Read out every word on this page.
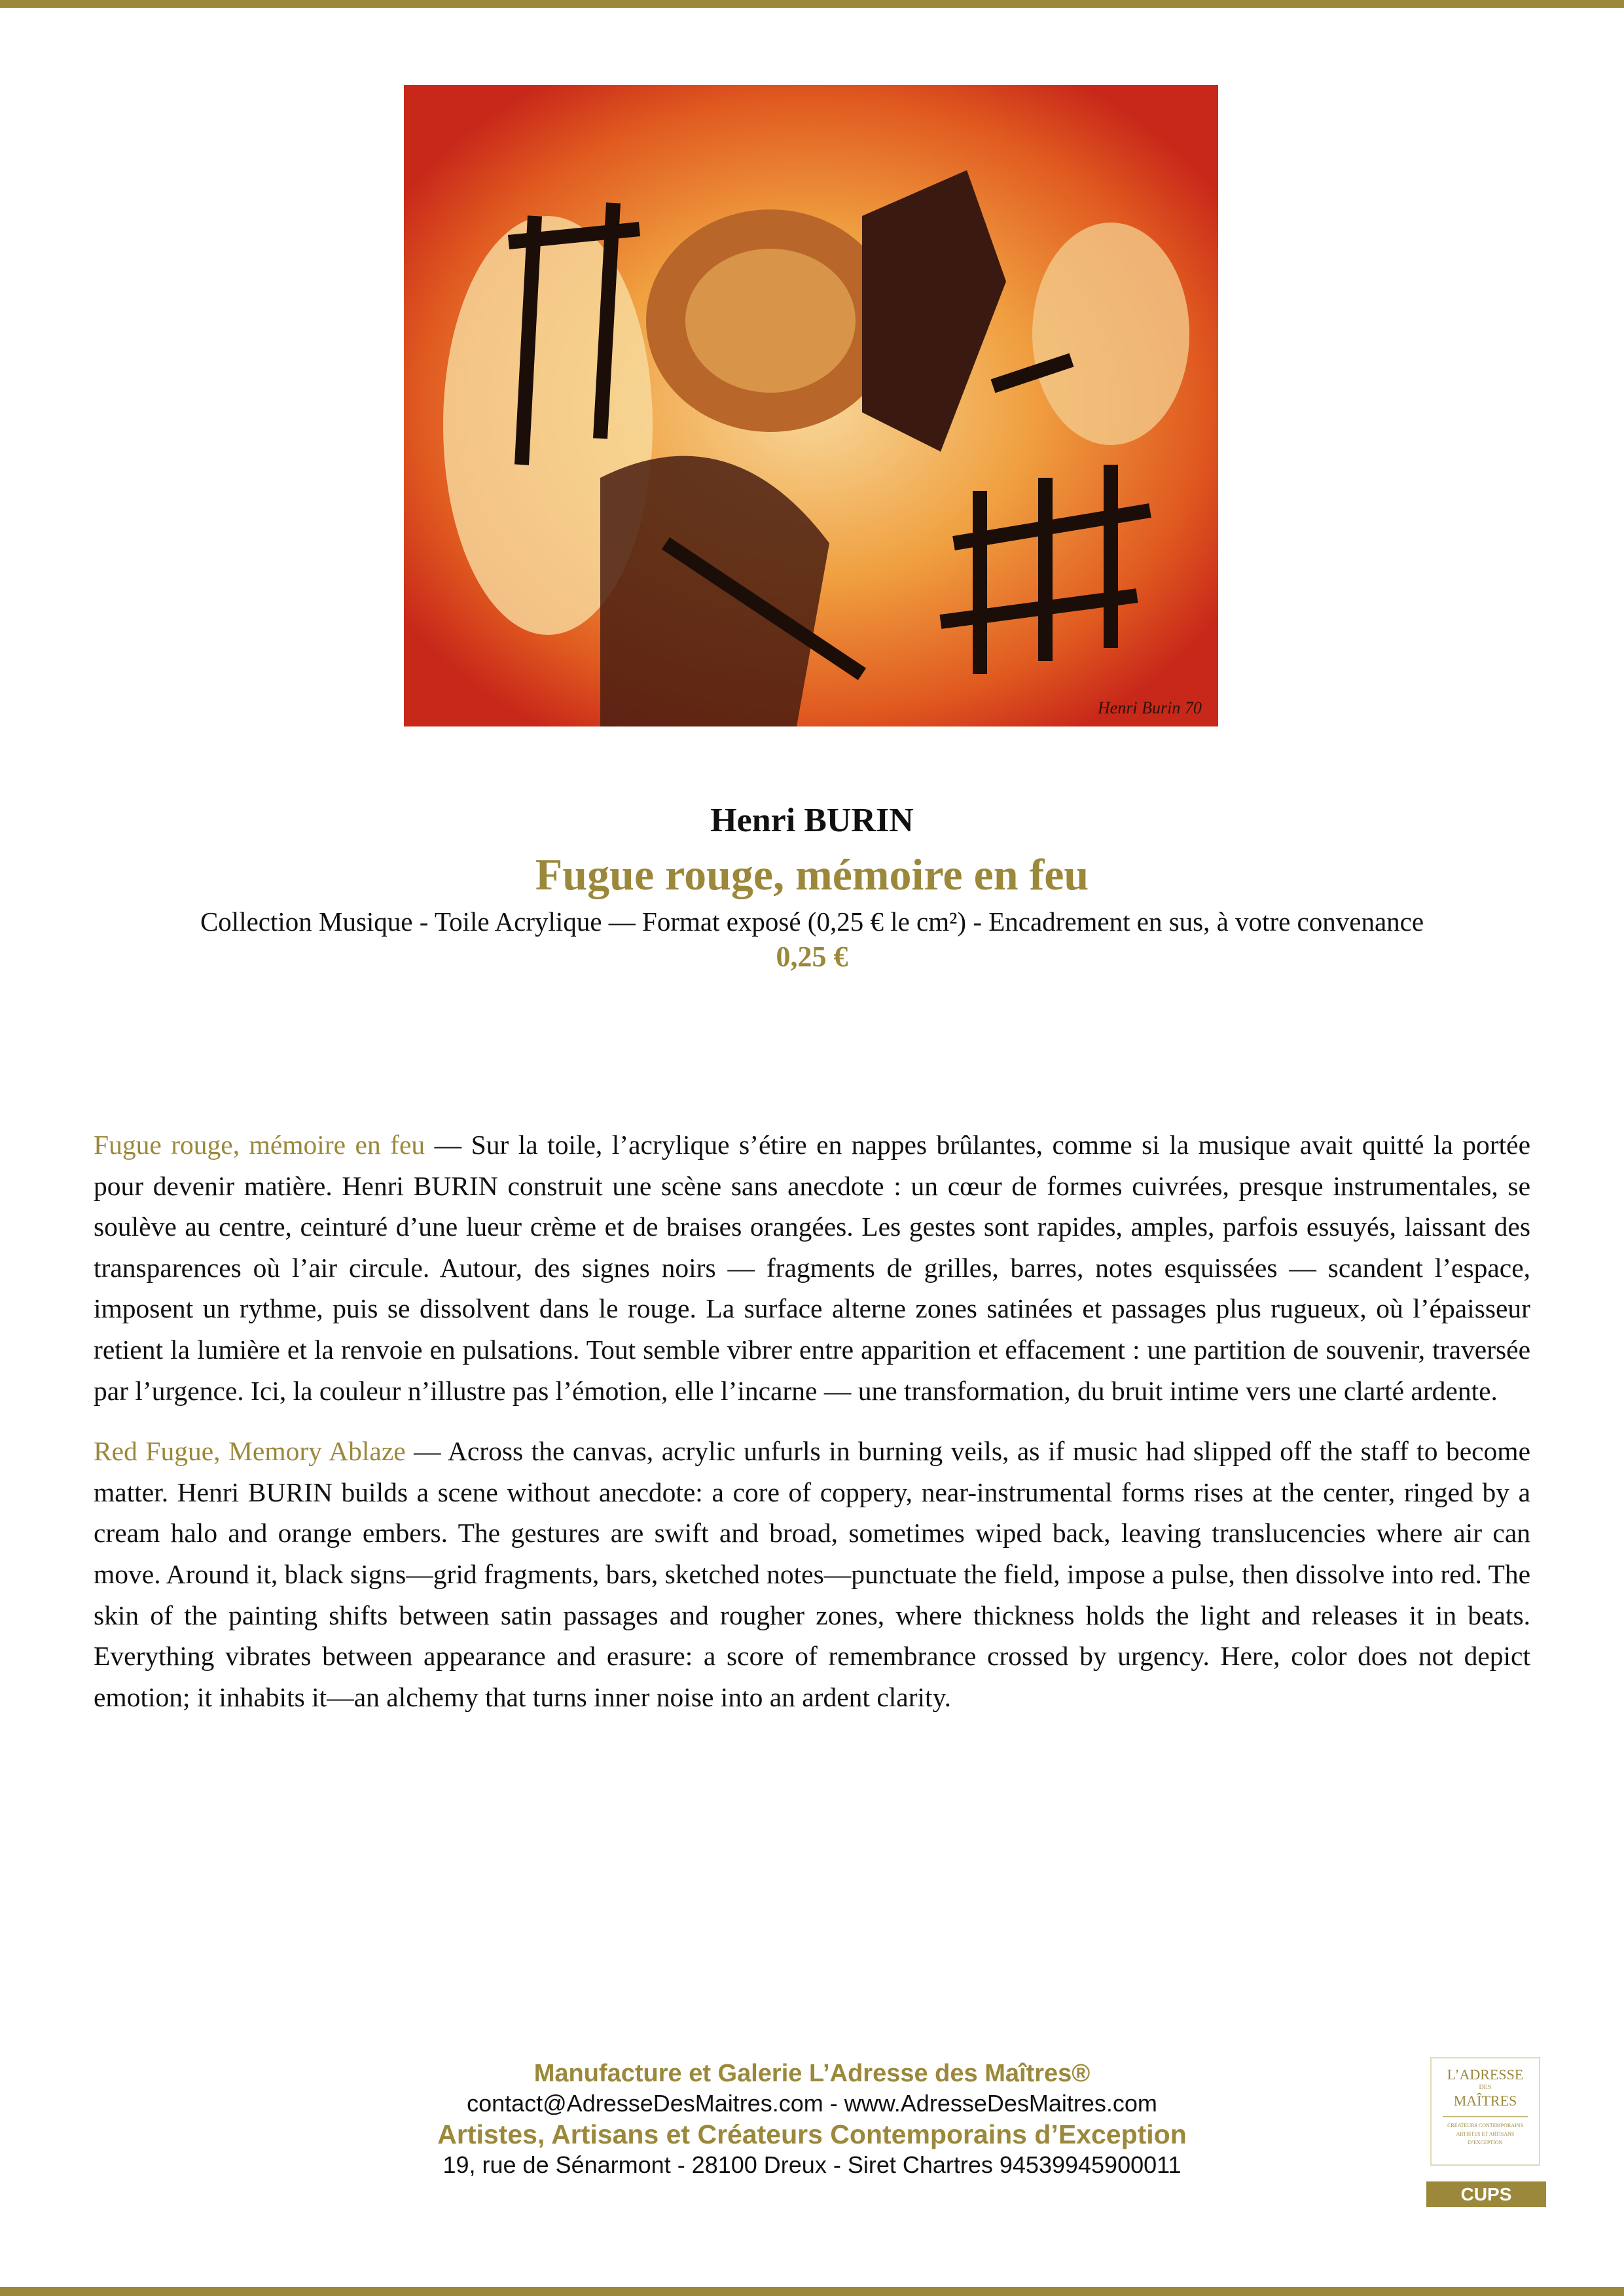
Henri Burin 70
Henri BURIN
Fugue rouge, mémoire en feu
Collection Musique - Toile Acrylique — Format exposé (0,25 € le cm²) - Encadrement en sus, à votre convenance
0,25 €

Fugue rouge, mémoire en feu — Sur la toile, l’acrylique s’étire en nappes brûlantes, comme si la musique avait quitté la portée pour devenir matière. Henri BURIN construit une scène sans anecdote : un cœur de formes cuivrées, presque instrumentales, se soulève au centre, ceinturé d’une lueur crème et de braises orangées. Les gestes sont rapides, amples, parfois essuyés, laissant des transparences où l’air circule. Autour, des signes noirs — fragments de grilles, barres, notes esquissées — scandent l’espace, imposent un rythme, puis se dissolvent dans le rouge. La surface alterne zones satinées et passages plus rugueux, où l’épaisseur retient la lumière et la renvoie en pulsations. Tout semble vibrer entre apparition et effacement : une partition de souvenir, traversée par l’urgence. Ici, la couleur n’illustre pas l’émotion, elle l’incarne — une transformation, du bruit intime vers une clarté ardente.

Red Fugue, Memory Ablaze — Across the canvas, acrylic unfurls in burning veils, as if music had slipped off the staff to become matter. Henri BURIN builds a scene without anecdote: a core of coppery, near-instrumental forms rises at the center, ringed by a cream halo and orange embers. The gestures are swift and broad, sometimes wiped back, leaving translucencies where air can move. Around it, black signs—grid fragments, bars, sketched notes—punctuate the field, impose a pulse, then dissolve into red. The skin of the painting shifts between satin passages and rougher zones, where thickness holds the light and releases it in beats. Everything vibrates between appearance and erasure: a score of remembrance crossed by urgency. Here, color does not depict emotion; it inhabits it—an alchemy that turns inner noise into an ardent clarity.

Manufacture et Galerie L’Adresse des Maîtres®
contact@AdresseDesMaitres.com - www.AdresseDesMaitres.com
Artistes, Artisans et Créateurs Contemporains d’Exception
19, rue de Sénarmont - 28100 Dreux - Siret Chartres 94539945900011
L’ADRESSE
DES
MAÎTRES
CRÉATEURS CONTEMPORAINS
ARTISTES ET ARTISANS
D’EXCEPTION
CUPS
